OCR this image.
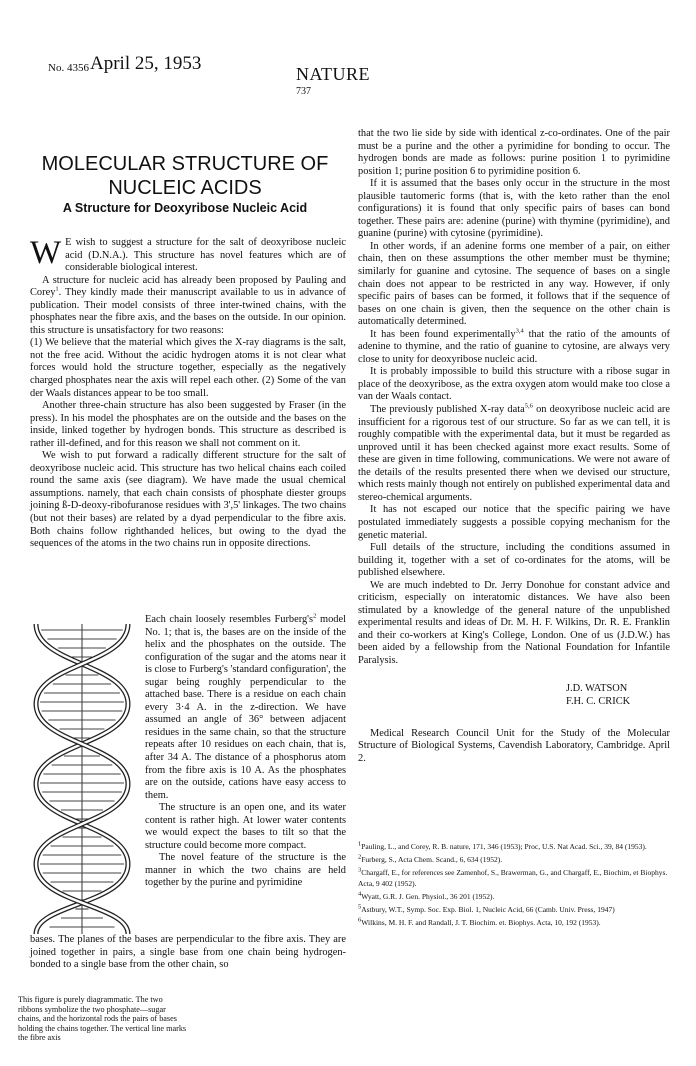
No. 4356 April 25, 1953	NATURE
737
MOLECULAR STRUCTURE OF NUCLEIC ACIDS
A Structure for Deoxyribose Nucleic Acid

W E wish to suggest a structure for the salt of deoxyribose nucleic acid (D.N.A.). This structure has novel features which are of considerable biological interest.

A structure for nucleic acid has already been proposed by Pauling and Corey$^1$. They kindly made their manuscript available to us in advance of publication. Their model consists of three inter-twined chains, with the phosphates near the fibre axis, and the bases on the outside. In our opinion. this structure is unsatisfactory for two reasons:

(1) We believe that the material which gives the X-ray diagrams is the salt, not the free acid. Without the acidic hydrogen atoms it is not clear what forces would hold the structure together, especially as the negatively charged phosphates near the axis will repel each other. (2) Some of the van der Waals distances appear to be too small.

Another three-chain structure has also been suggested by Fraser (in the press). In his model the phosphates are on the outside and the bases on the inside, linked together by hydrogen bonds. This structure as described is rather ill-defined, and for this reason we shall not comment on it.

We wish to put forward a radically different structure for the salt of deoxyribose nucleic acid. This structure has two helical chains each coiled round the same axis (see diagram). We have made the usual chemical assumptions. namely, that each chain consists of phosphate diester groups joining ß-D-deoxy-ribofuranose residues with 3',5' linkages. The two chains (but not their bases) are related by a dyad perpendicular to the fibre axis. Both chains follow righthanded helices, but owing to the dyad the sequences of the atoms in the two chains run in opposite directions.

Each chain loosely resembles $Furberg's^2$ model No. 1; that is, the bases are on the inside of the helix and the phosphates on the outside. The configuration of the sugar and the atoms near it is close to Furberg's 'standard configuration', the sugar being roughly perpendicular to the attached base. There is a residue on each chain every 3·4 A. in the z-direction. We have assumed an angle of 36° between adjacent residues in the same chain, so that the structure repeats after 10 residues on each chain, that is, after 34 A. The distance of a phosphorus atom from the fibre axis is 10 A. As the phosphates are on the outside, cations have easy access to them.

The structure is an open one, and its water content is rather high. At lower water contents we would expect the bases to tilt so that the structure could become more compact.

The novel feature of the structure is the manner in which the two chains are held together by the purine and pyrimidine

bases. The planes of the bases are perpendicular to the fibre axis. They are joined together in pairs, a single base from one chain being hydrogen-bonded to a single base from the other chain, so

This figure is purely diagrammatic. The two ribbons symbolize the two phosphate—sugar chains, and the horizontal rods the pairs of bases holding the chains together. The vertical line marks the fibre axis

that the two lie side by side with identical z-co-ordinates. One of the pair must be a purine and the other a pyrimidine for bonding to occur. The hydrogen bonds are made as follows: purine position 1 to pyrimidine position 1; purine position 6 to pyrimidine position 6.

If it is assumed that the bases only occur in the structure in the most plausible tautomeric forms (that is, with the keto rather than the enol configurations) it is found that only specific pairs of bases can bond together. These pairs are: adenine (purine) with thymine (pyrimidine), and guanine (purine) with cytosine (pyrimidine).

In other words, if an adenine forms one member of a pair, on either chain, then on these assumptions the other member must be thymine; similarly for guanine and cytosine. The sequence of bases on a single chain does not appear to be restricted in any way. However, if only specific pairs of bases can be formed, it follows that if the sequence of bases on one chain is given, then the sequence on the other chain is automatically determined.

It has been found experimentally$^{3,4}$ that the ratio of the amounts of adenine to thymine, and the ratio of guanine to cytosine, are always very close to unity for deoxyribose nucleic acid.

It is probably impossible to build this structure with a ribose sugar in place of the deoxyribose, as the extra oxygen atom would make too close a van der Waals contact.

The previously published X-ray data$^{5,6}$ on deoxyribose nucleic acid are insufficient for a rigorous test of our structure. So far as we can tell, it is roughly compatible with the experimental data, but it must be regarded as unproved until it has been checked against more exact results. Some of these are given in time following, communications. We were not aware of the details of the results presented there when we devised our structure, which rests mainly though not entirely on published experimental data and stereo-chemical arguments.

It has not escaped our notice that the specific pairing we have postulated immediately suggests a possible copying mechanism for the genetic material.

Full details of the structure, including the conditions assumed in building it, together with a set of co-ordinates for the atoms, will be published elsewhere.

We are much indebted to Dr. Jerry Donohue for constant advice and criticism, especially on interatomic distances. We have also been stimulated by a knowledge of the general nature of the unpublished experimental results and ideas of Dr. M. H. F. Wilkins, Dr. R. E. Franklin and their co-workers at King's College, London. One of us (J.D.W.) has been aided by a fellowship from the National Foundation for Infantile Paralysis.

J.D. WATSON
F.H. C. CRICK

Medical Research Council Unit for the Study of the Molecular Structure of Biological Systems, Cavendish Laboratory, Cambridge. April 2.

$^1$Pauling, L., and Corey, R. B. nature, 171, 346 (1953); Proc, U.S. Nat Acad. Sci., 39, 84 (1953).
$^2$Furberg, S., Acta Chem. Scand., 6, 634 (1952).
$^3$Chargaff, E., for references see Zamenhof, S., Brawerman, G., and Chargaff, E., Biochim, et Biophys. Acta, 9 402 (1952).
$^4$Wyatt, G.R. J. Gen. Physiol., 36 201 (1952).
$^5$Astbury, W.T., Symp. Soc. Exp. Biol. 1, Nucleic Acid, 66 (Camb. Univ. Press, 1947)
$^6$Wilkins, M. H. F. and Randall, J. T. Biochim. et. Biophys. Acta, 10, 192 (1953).
